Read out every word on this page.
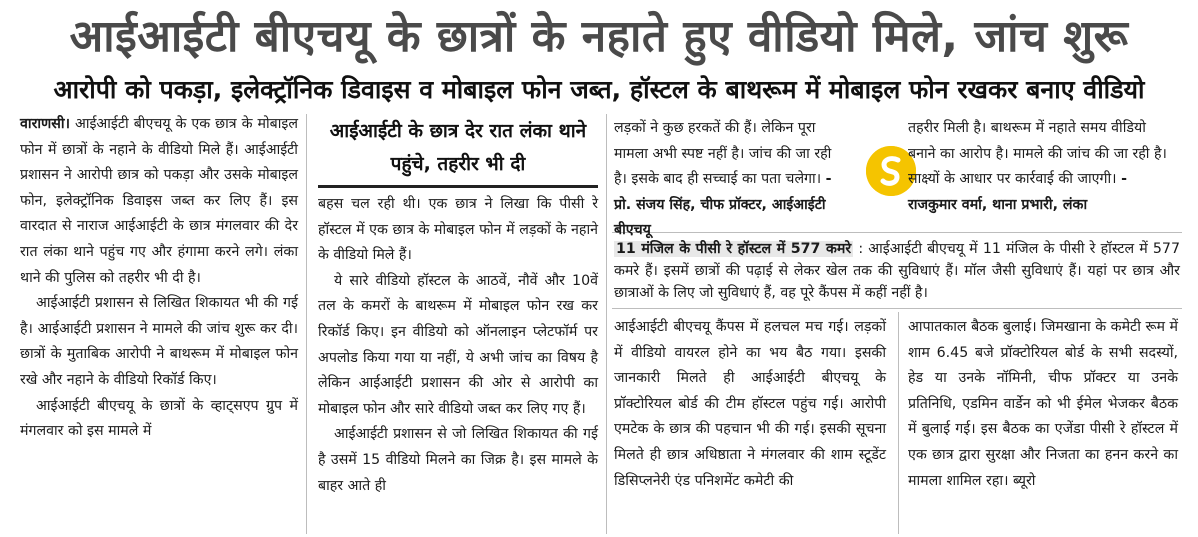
आईआईटी बीएचयू के छात्रों के नहाते हुए वीडियो मिले, जांच शुरू
आरोपी को पकड़ा, इलेक्ट्रॉनिक डिवाइस व मोबाइल फोन जब्त, हॉस्टल के बाथरूम में मोबाइल फोन रखकर बनाए वीडियो

वाराणसी। आईआईटी बीएचयू के एक छात्र के मोबाइल फोन में छात्रों के नहाने के वीडियो मिले हैं। आईआईटी प्रशासन ने आरोपी छात्र को पकड़ा और उसके मोबाइल फोन, इलेक्ट्रॉनिक डिवाइस जब्त कर लिए हैं। इस वारदात से नाराज आईआईटी के छात्र मंगलवार की देर रात लंका थाने पहुंच गए और हंगामा करने लगे। लंका थाने की पुलिस को तहरीर भी दी है।

आईआईटी प्रशासन से लिखित शिकायत भी की गई है। आईआईटी प्रशासन ने मामले की जांच शुरू कर दी। छात्रों के मुताबिक आरोपी ने बाथरूम में मोबाइल फोन रखे और नहाने के वीडियो रिकॉर्ड किए।

आईआईटी बीएचयू के छात्रों के व्हाट्सएप ग्रुप में मंगलवार को इस मामले में

आईआईटी के छात्र देर रात लंका थाने पहुंचे, तहरीर भी दी

बहस चल रही थी। एक छात्र ने लिखा कि पीसी रे हॉस्टल में एक छात्र के मोबाइल फोन में लड़कों के नहाने के वीडियो मिले हैं।

ये सारे वीडियो हॉस्टल के आठवें, नौवें और 10वें तल के कमरों के बाथरूम में मोबाइल फोन रख कर रिकॉर्ड किए। इन वीडियो को ऑनलाइन प्लेटफॉर्म पर अपलोड किया गया या नहीं, ये अभी जांच का विषय है लेकिन आईआईटी प्रशासन की ओर से आरोपी का मोबाइल फोन और सारे वीडियो जब्त कर लिए गए हैं।

आईआईटी प्रशासन से जो लिखित शिकायत की गई है उसमें 15 वीडियो मिलने का जिक्र है। इस मामले के बाहर आते ही

लड़कों ने कुछ हरकतें की हैं। लेकिन पूरा मामला अभी स्पष्ट नहीं है। जांच की जा रही है। इसके बाद ही सच्चाई का पता चलेगा। - प्रो. संजय सिंह, चीफ प्रॉक्टर, आईआईटी बीएचयू
तहरीर मिली है। बाथरूम में नहाते समय वीडियो बनाने का आरोप है। मामले की जांच की जा रही है। साक्ष्यों के आधार पर कार्रवाई की जाएगी। - राजकुमार वर्मा, थाना प्रभारी, लंका
11 मंजिल के पीसी रे हॉस्टल में 577 कमरे : आईआईटी बीएचयू में 11 मंजिल के पीसी रे हॉस्टल में 577 कमरे हैं। इसमें छात्रों की पढ़ाई से लेकर खेल तक की सुविधाएं हैं। मॉल जैसी सुविधाएं हैं। यहां पर छात्र और छात्राओं के लिए जो सुविधाएं हैं, वह पूरे कैंपस में कहीं नहीं है।

आईआईटी बीएचयू कैंपस में हलचल मच गई। लड़कों में वीडियो वायरल होने का भय बैठ गया। इसकी जानकारी मिलते ही आईआईटी बीएचयू के प्रॉक्टोरियल बोर्ड की टीम हॉस्टल पहुंच गई। आरोपी एमटेक के छात्र की पहचान भी की गई। इसकी सूचना मिलते ही छात्र अधिष्ठाता ने मंगलवार की शाम स्टूडेंट डिसिप्लनेरी एंड पनिशमेंट कमेटी की

आपातकाल बैठक बुलाई। जिमखाना के कमेटी रूम में शाम 6.45 बजे प्रॉक्टोरियल बोर्ड के सभी सदस्यों, हेड या उनके नॉमिनी, चीफ प्रॉक्टर या उनके प्रतिनिधि, एडमिन वार्डेन को भी ईमेल भेजकर बैठक में बुलाई गई। इस बैठक का एजेंडा पीसी रे हॉस्टल में एक छात्र द्वारा सुरक्षा और निजता का हनन करने का मामला शामिल रहा। ब्यूरो
